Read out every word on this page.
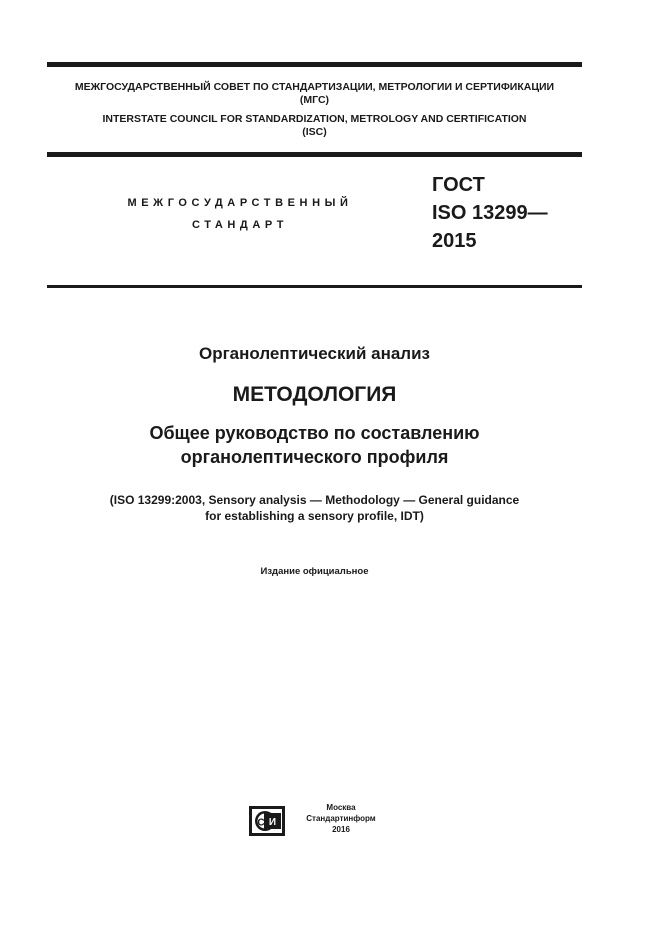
МЕЖГОСУДАРСТВЕННЫЙ СОВЕТ ПО СТАНДАРТИЗАЦИИ, МЕТРОЛОГИИ И СЕРТИФИКАЦИИ
(МГС)
INTERSTATE COUNCIL FOR STANDARDIZATION, METROLOGY AND CERTIFICATION
(ISC)
МЕЖГОСУДАРСТВЕННЫЙ
СТАНДАРТ
ГОСТ
ISO 13299—
2015
Органолептический анализ
МЕТОДОЛОГИЯ
Общее руководство по составлению
органолептического профиля
(ISO 13299:2003, Sensory analysis — Methodology — General guidance
for establishing a sensory profile, IDT)
Издание официальное
И
С
Москва
Стандартинформ
2016
